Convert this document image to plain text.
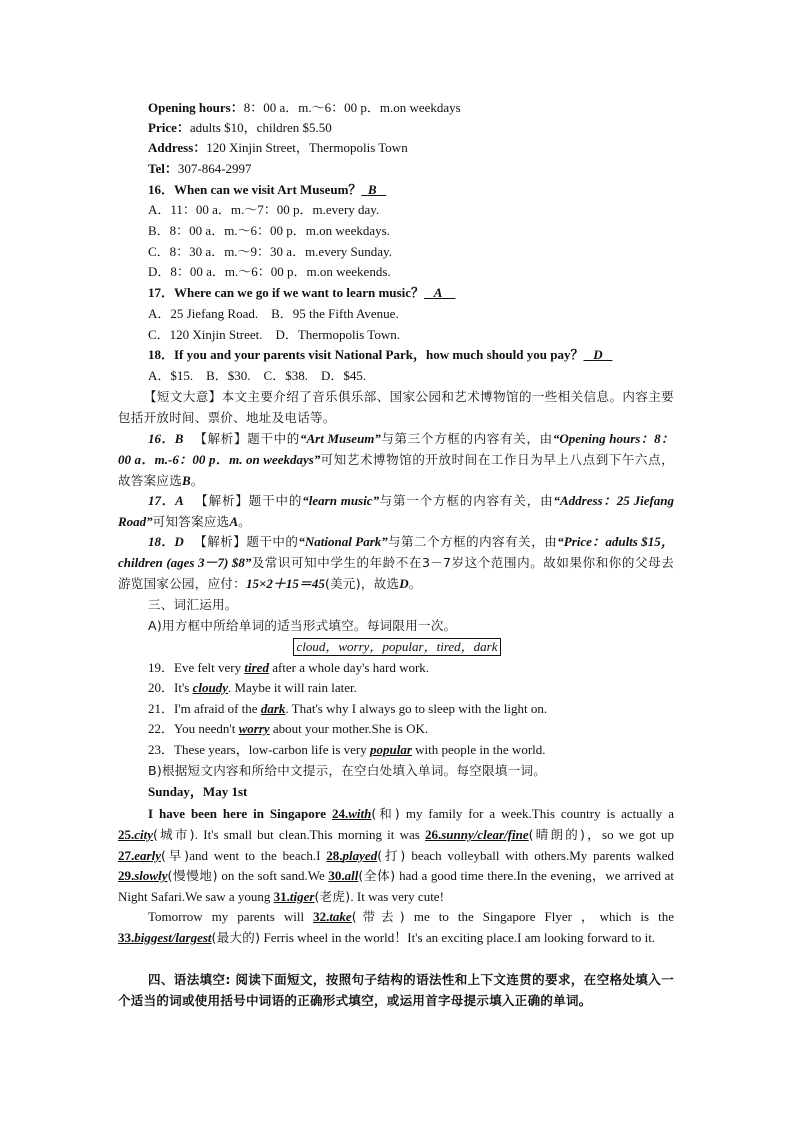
Opening hours：8：00 a．m.～6：00 p．m.on weekdays
Price：adults $10，children $5.50
Address：120 Xinjin Street，Thermopolis Town
Tel：307-864-2997
16．When can we visit Art Museum？ B
A．11：00 a．m.～7：00 p．m.every day.
B．8：00 a．m.～6：00 p．m.on weekdays.
C．8：30 a．m.～9：30 a．m.every Sunday.
D．8：00 a．m.～6：00 p．m.on weekends.
17．Where can we go if we want to learn music？ A
A．25 Jiefang Road.　B．95 the Fifth Avenue.
C．120 Xinjin Street.　D．Thermopolis Town.
18．If you and your parents visit National Park，how much should you pay？ D
A．$15.　B．$30.　C．$38.　D．$45.
【短文大意】本文主要介绍了音乐俱乐部、国家公园和艺术博物馆的一些相关信息。内容主要包括开放时间、票价、地址及电话等。
16．B 【解析】题干中的“Art Museum”与第三个方框的内容有关，由“Opening hours：8：00 a．m.-6：00 p．m. on weekdays”可知艺术博物馆的开放时间在工作日为早上八点到下午六点，故答案应选B。
17．A 【解析】题干中的“learn music”与第一个方框的内容有关，由“Address：25 Jiefang Road”可知答案应选A。
18．D 【解析】题干中的“National Park”与第二个方框的内容有关，由“Price：adults $15，children (ages 3－7) $8”及常识可知中学生的年龄不在3－7岁这个范围内。故如果你和你的父母去游览国家公园，应付：15×2＋15＝45(美元)，故选D。
三、词汇运用。
A)用方框中所给单词的适当形式填空。每词限用一次。
cloud，worry，popular，tired，dark
19．Eve felt very tired after a whole day's hard work.
20．It's cloudy. Maybe it will rain later.
21．I'm afraid of the dark. That's why I always go to sleep with the light on.
22．You needn't worry about your mother.She is OK.
23．These years，low-carbon life is very popular with people in the world.
B)根据短文内容和所给中文提示，在空白处填入单词。每空限填一词。
Sunday，May 1st
I have been here in Singapore 24.with(和) my family for a week.This country is actually a 25.city(城市). It's small but clean.This morning it was 26.sunny/clear/fine(晴朗的)，so we got up 27.early(早)and went to the beach.I 28.played(打) beach volleyball with others.My parents walked 29.slowly(慢慢地) on the soft sand.We 30.all(全体) had a good time there.In the evening，we arrived at Night Safari.We saw a young 31.tiger(老虎). It was very cute!
Tomorrow my parents will 32.take(带去) me to the Singapore Flyer ，which is the 33.biggest/largest(最大的) Ferris wheel in the world！It's an exciting place.I am looking forward to it.
四、语法填空: 阅读下面短文，按照句子结构的语法性和上下文连贯的要求，在空格处填入一个适当的词或使用括号中词语的正确形式填空，或运用首字母提示填入正确的单词。
